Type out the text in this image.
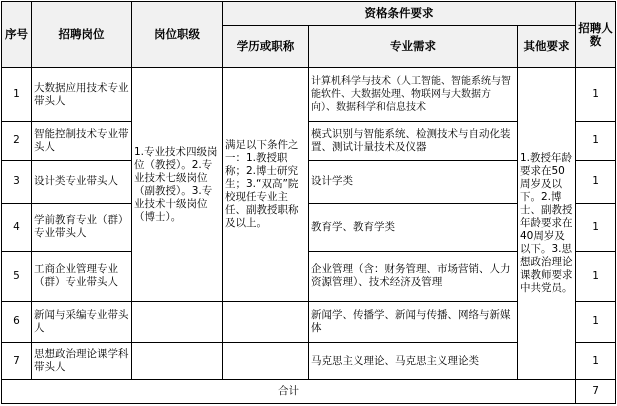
序号	招聘岗位	岗位职级	资格条件要求			招聘人数
			学历或职称	专业需求	其他要求	
1	大数据应用技术专业带头人	1.专业技术四级岗位（教授）。2.专业技术七级岗位（副教授）。3.专业技术十级岗位（博士）。	满足以下条件之一：1.教授职称；2.博士研究生；3.“双高”院校现任专业主任、副教授职称及以上。	计算机科学与技术（人工智能、智能系统与智能软件、大数据处理、物联网与大数据方向）、数据科学和信息技术	1.教授年龄要求在50周岁及以下。2.博士、副教授年龄要求在40周岁及以下。3.思想政治理论课教师要求中共党员。	1
2	智能控制技术专业带头人			模式识别与智能系统、检测技术与自动化装置、测试计量技术及仪器		1
3	设计类专业带头人			设计学类		1
4	学前教育专业（群）专业带头人			教育学、教育学类		1
5	工商企业管理专业（群）专业带头人			企业管理（含：财务管理、市场营销、人力资源管理）、技术经济及管理		1
6	新闻与采编专业带头人			新闻学、传播学、新闻与传播、网络与新媒体		1
7	思想政治理论课学科带头人			马克思主义理论、马克思主义理论类		1
合计						7
